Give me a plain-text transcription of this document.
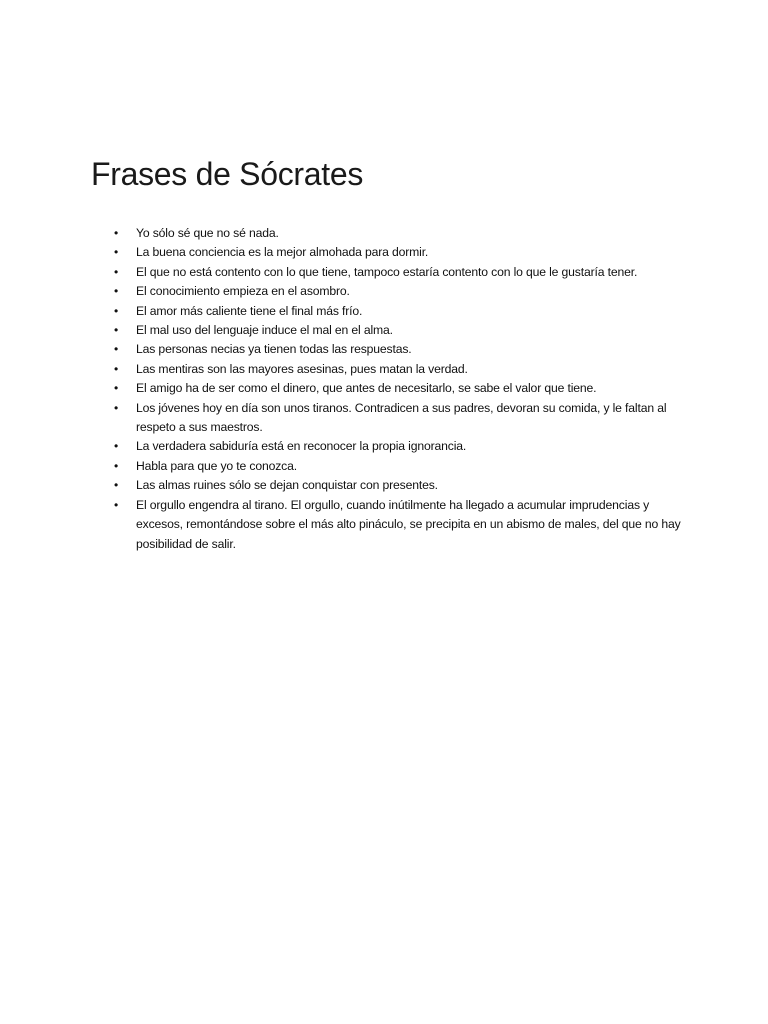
Frases de Sócrates
• Yo sólo sé que no sé nada.
• La buena conciencia es la mejor almohada para dormir.
• El que no está contento con lo que tiene, tampoco estaría contento con lo que le gustaría tener.
• El conocimiento empieza en el asombro.
• El amor más caliente tiene el final más frío.
• El mal uso del lenguaje induce el mal en el alma.
• Las personas necias ya tienen todas las respuestas.
• Las mentiras son las mayores asesinas, pues matan la verdad.
• El amigo ha de ser como el dinero, que antes de necesitarlo, se sabe el valor que tiene.
• Los jóvenes hoy en día son unos tiranos. Contradicen a sus padres, devoran su comida, y le faltan al respeto a sus maestros.
• La verdadera sabiduría está en reconocer la propia ignorancia.
• Habla para que yo te conozca.
• Las almas ruines sólo se dejan conquistar con presentes.
• El orgullo engendra al tirano. El orgullo, cuando inútilmente ha llegado a acumular imprudencias y excesos, remontándose sobre el más alto pináculo, se precipita en un abismo de males, del que no hay posibilidad de salir.
